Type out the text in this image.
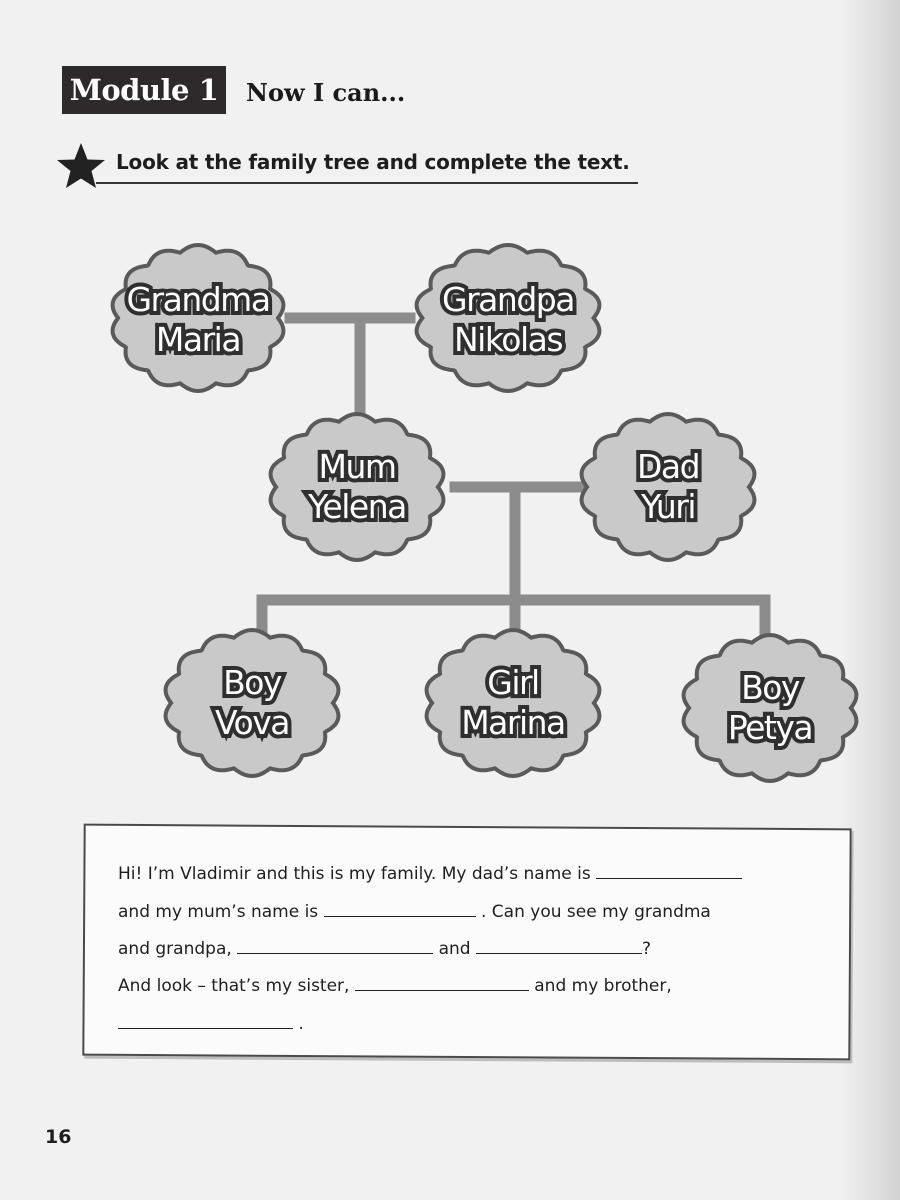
Module 1	Now I can...
Look at the family tree and complete the text.
Grandma
Maria
Grandpa
Nikolas
Mum
Yelena
Dad
Yuri
Boy
Vova
Girl
Marina
Boy
Petya
Hi! I’m Vladimir and this is my family. My dad’s name is
and my mum’s name is	. Can you see my grandma
and grandpa,	and	?
And look – that’s my sister,	and my brother,
.
16
